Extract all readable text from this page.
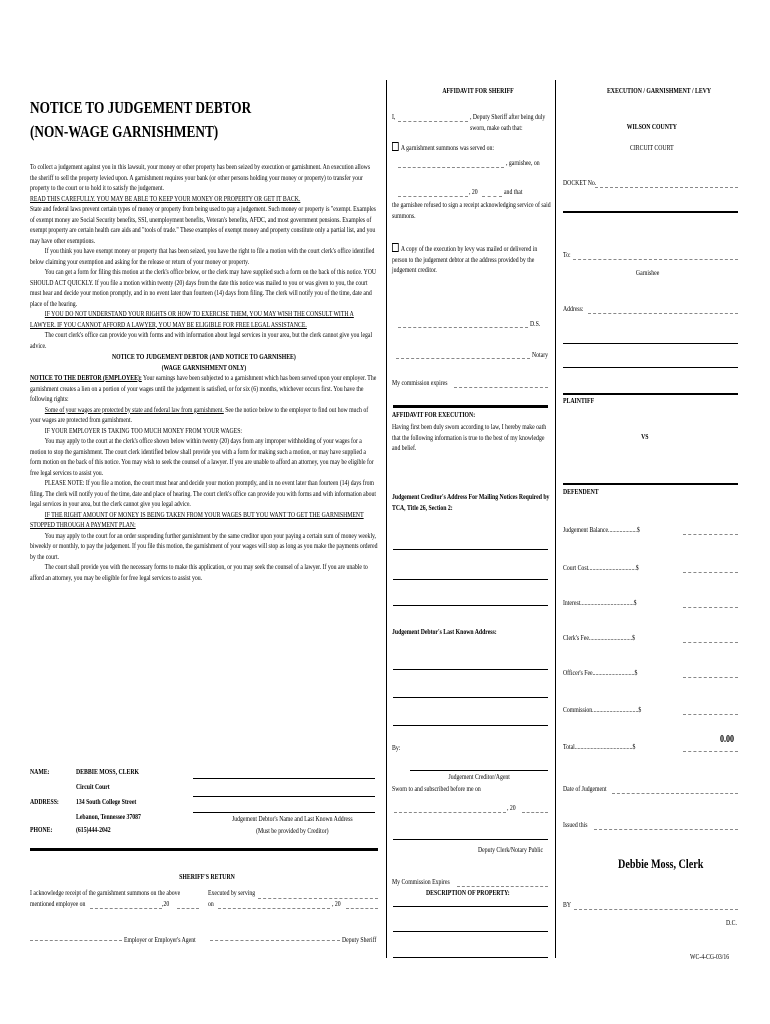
NOTICE TO JUDGEMENT DEBTOR
(NON-WAGE GARNISHMENT)
To collect a judgement against you in this lawsuit, your money or other property has been seized by execution or garnishment. An execution allows the sheriff to sell the property levied upon. A garnishment requires your bank (or other persons holding your money or property) to transfer your property to the court or to hold it to satisfy the judgement.
READ THIS CAREFULLY. YOU MAY BE ABLE TO KEEP YOUR MONEY OR PROPERTY OR GET IT BACK.
State and federal laws prevent certain types of money or property from being used to pay a judgement. Such money or property is "exempt. Examples of exempt money are Social Security benefits, SSI, unemployment benefits, Veteran's benefits, AFDC, and most government pensions. Examples of exempt property are certain health care aids and "tools of trade." These examples of exempt money and property constitute only a partial list, and you may have other exemptions.
If you think you have exempt money or property that has been seized, you have the right to file a motion with the court clerk's office identified below claiming your exemption and asking for the release or return of your money or property.
You can get a form for filing this motion at the clerk's office below, or the clerk may have supplied such a form on the back of this notice. YOU SHOULD ACT QUICKLY. If you file a motion within twenty (20) days from the date this notice was mailed to you or was given to you, the court must hear and decide your motion promptly, and in no event later than fourteen (14) days from filing. The clerk will notify you of the time, date and place of the hearing.
IF YOU DO NOT UNDERSTAND YOUR RIGHTS OR HOW TO EXERCISE THEM, YOU MAY WISH THE CONSULT WITH A LAWYER. IF YOU CANNOT AFFORD A LAWYER, YOU MAY BE ELIGIBLE FOR FREE LEGAL ASSISTANCE.
The court clerk's office can provide you with forms and with information about legal services in your area, but the clerk cannot give you legal advice.
NOTICE TO JUDGEMENT DEBTOR (AND NOTICE TO GARNISHEE)
(WAGE GARNISHMENT ONLY)
NOTICE TO THE DEBTOR (EMPLOYEE): Your earnings have been subjected to a garnishment which has been served upon your employer. The garnishment creates a lien on a portion of your wages until the judgement is satisfied, or for six (6) months, whichever occurs first. You have the following rights:
Some of your wages are protected by state and federal law from garnishment. See the notice below to the employer to find out how much of your wages are protected from garnishment.
IF YOUR EMPLOYER IS TAKING TOO MUCH MONEY FROM YOUR WAGES:
You may apply to the court at the clerk's office shown below within twenty (20) days from any improper withholding of your wages for a motion to stop the garnishment. The court clerk identified below shall provide you with a form for making such a motion, or may have supplied a form motion on the back of this notice. You may wish to seek the counsel of a lawyer. If you are unable to afford an attorney, you may be eligible for free legal services to assist you.
PLEASE NOTE: If you file a motion, the court must hear and decide your motion promptly, and in no event later than fourteen (14) days from filing. The clerk will notify you of the time, date and place of hearing. The court clerk's office can provide you with forms and with information about legal services in your area, but the clerk cannot give you legal advice.
IF THE RIGHT AMOUNT OF MONEY IS BEING TAKEN FROM YOUR WAGES BUT YOU WANT TO GET THE GARNISHMENT STOPPED THROUGH A PAYMENT PLAN:
You may apply to the court for an order suspending further garnishment by the same creditor upon your paying a certain sum of money weekly, biweekly or monthly, to pay the judgement. If you file this motion, the garnishment of your wages will stop as long as you make the payments ordered by the court.
The court shall provide you with the necessary forms to make this application, or you may seek the counsel of a lawyer. If you are unable to afford an attorney, you may be eligible for free legal services to assist you.
NAME:	DEBBIE MOSS, CLERK
Circuit Court
ADDRESS: 134 South College Street
Lebanon, Tennessee 37087
PHONE:	(615)444-2042
Judgement Debtor's Name and Last Known Address
(Must be provided by Creditor)
SHERIFF'S RETURN
I acknowledge receipt of the garnishment summons on the above mentioned employee on	,20
Executed by serving
on	, 20
Employer or Employer's Agent	Deputy Sheriff
AFFIDAVIT FOR SHERIFF
I,	, Deputy Sheriff after being duly sworn, make oath that:
A garnishment summons was served on:
, garnishee, on
, 20	and that
the garnishee refused to sign a receipt acknowledging service of said summons.
A copy of the execution by levy was mailed or delivered in person to the judgement debtor at the address provided by the judgement creditor.
D.S.
Notary
My commission expires
AFFIDAVIT FOR EXECUTION:
Having first been duly sworn according to law, I hereby make oath that the following information is true to the best of my knowledge and belief.
Judgement Creditor's Address For Mailing Notices Required by TCA, Title 26, Section 2:
Judgement Debtor's Last Known Address:
By:
Judgement Creditor/Agent
Sworn to and subscribed before me on
, 20
Deputy Clerk/Notary Public
My Commission Expires
DESCRIPTION OF PROPERTY:
EXECUTION / GARNISHMENT / LEVY
WILSON COUNTY
CIRCUIT COURT
DOCKET No.
To:
Garnishee
Address:
PLAINTIFF
VS
DEFENDENT
Judgement Balance....................$
Court Cost.................................$
Interest.....................................$
Clerk's Fee..............................$
Officer's Fee.............................$
Commission................................$
Total........................................$
0.00
Date of Judgement
Issued this
Debbie Moss, Clerk
BY
D.C.
WC-4-CG-03/16
